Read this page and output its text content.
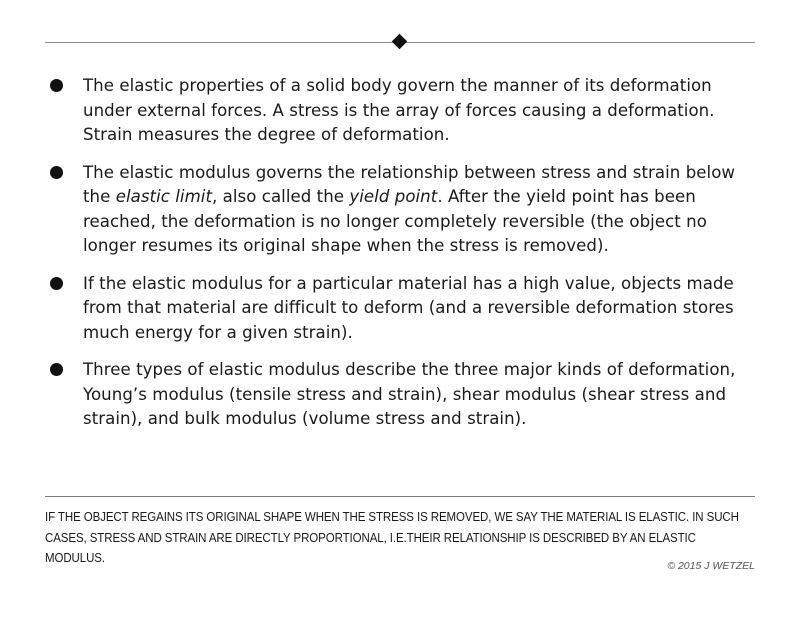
The elastic properties of a solid body govern the manner of its deformation under external forces. A stress is the array of forces causing a deformation. Strain measures the degree of deformation.
The elastic modulus governs the relationship between stress and strain below the elastic limit, also called the yield point. After the yield point has been reached, the deformation is no longer completely reversible (the object no longer resumes its original shape when the stress is removed).
If the elastic modulus for a particular material has a high value, objects made from that material are difficult to deform (and a reversible deformation stores much energy for a given strain).
Three types of elastic modulus describe the three major kinds of deformation, Young’s modulus (tensile stress and strain), shear modulus (shear stress and strain), and bulk modulus (volume stress and strain).
IF THE OBJECT REGAINS ITS ORIGINAL SHAPE WHEN THE STRESS IS REMOVED, WE SAY THE MATERIAL IS ELASTIC. IN SUCH CASES, STRESS AND STRAIN ARE DIRECTLY PROPORTIONAL, I.E.THEIR RELATIONSHIP IS DESCRIBED BY AN ELASTIC MODULUS.
© 2015 J WETZEL
